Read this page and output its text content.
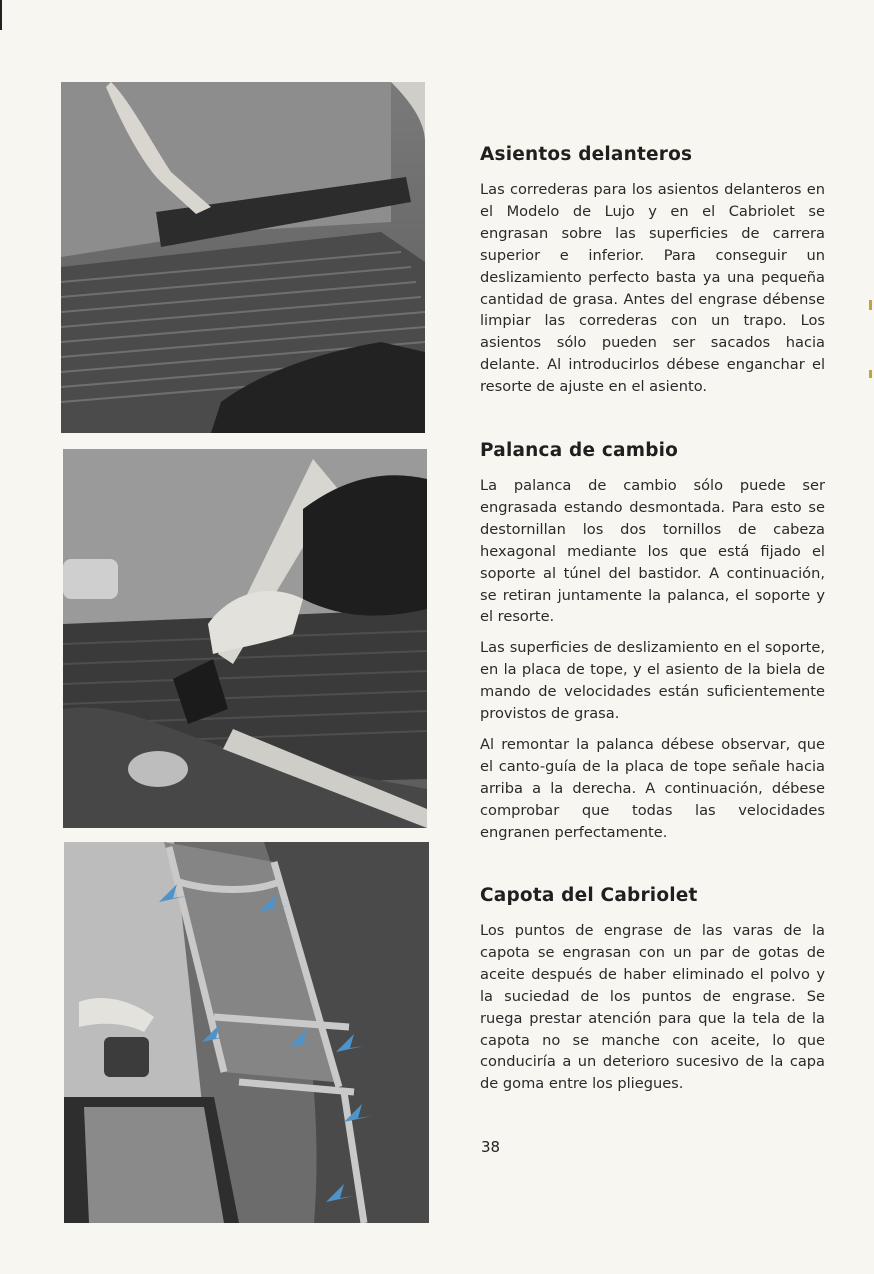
Asientos delanteros

Las correderas para los asientos delanteros en el Modelo de Lujo y en el Cabriolet se engrasan sobre las superficies de carrera superior e inferior. Para conseguir un deslizamiento perfecto basta ya una pequeña cantidad de grasa. Antes del engrase débense limpiar las correderas con un trapo. Los asientos sólo pueden ser sacados hacia delante. Al introducirlos débese enganchar el resorte de ajuste en el asiento.

Palanca de cambio

La palanca de cambio sólo puede ser engrasada estando desmontada. Para esto se destornillan los dos tornillos de cabeza hexagonal mediante los que está fijado el soporte al túnel del bastidor. A continuación, se retiran juntamente la palanca, el soporte y el resorte.

Las superficies de deslizamiento en el soporte, en la placa de tope, y el asiento de la biela de mando de velocidades están suficientemente provistos de grasa.

Al remontar la palanca débese observar, que el canto-guía de la placa de tope señale hacia arriba a la derecha. A continuación, débese comprobar que todas las velocidades engranen perfectamente.

Capota del Cabriolet

Los puntos de engrase de las varas de la capota se engrasan con un par de gotas de aceite después de haber eliminado el polvo y la suciedad de los puntos de engrase. Se ruega prestar atención para que la tela de la capota no se manche con aceite, lo que conduciría a un deterioro sucesivo de la capa de goma entre los pliegues.

38
